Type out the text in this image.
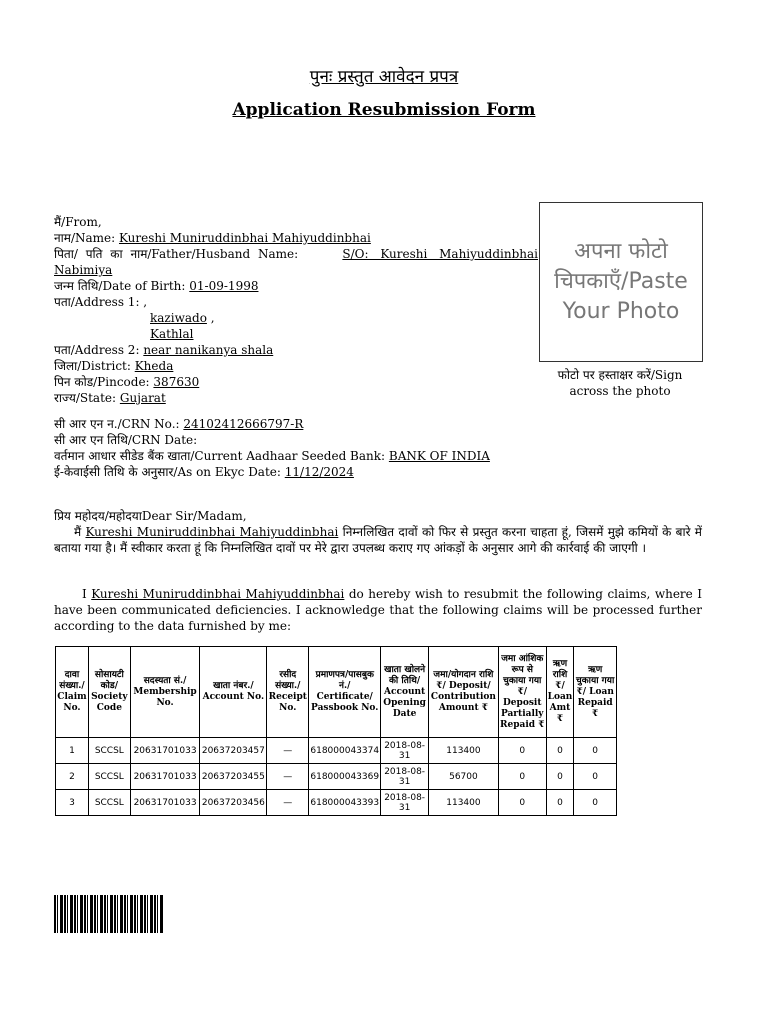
पुनः प्रस्तुत आवेदन प्रपत्र
Application Resubmission Form
मैं/From,
नाम/Name: Kureshi Muniruddinbhai Mahiyuddinbhai
पिता/ पति का नाम/Father/Husband Name:	S/O: Kureshi Mahiyuddinbhai
Nabimiya
जन्म तिथि/Date of Birth: 01-09-1998
पता/Address 1: ,
kaziwado ,
Kathlal
पता/Address 2: near nanikanya shala
जिला/District: Kheda
पिन कोड/Pincode: 387630
राज्य/State: Gujarat
अपना फोटो चिपकाएँ/Paste Your Photo
फोटो पर हस्ताक्षर करें/Sign across the photo
सी आर एन न./CRN No.: 24102412666797-R
सी आर एन तिथि/CRN Date:
वर्तमान आधार सीडेड बैंक खाता/Current Aadhaar Seeded Bank: BANK OF INDIA
ई-केवाईसी तिथि के अनुसार/As on Ekyc Date: 11/12/2024
प्रिय महोदय/महोदयाDear Sir/Madam,
मैं Kureshi Muniruddinbhai Mahiyuddinbhai निम्नलिखित दावों को फिर से प्रस्तुत करना चाहता हूं, जिसमें मुझे कमियों के बारे में बताया गया है। मैं स्वीकार करता हूं कि निम्नलिखित दावों पर मेरे द्वारा उपलब्ध कराए गए आंकड़ों के अनुसार आगे की कार्रवाई की जाएगी ।
I Kureshi Muniruddinbhai Mahiyuddinbhai do hereby wish to resubmit the following claims, where I have been communicated deficiencies. I acknowledge that the following claims will be processed further according to the data furnished by me:
दावा संख्या./ Claim No.	सोसायटी कोड/ Society Code	सदस्यता सं./ Membership No.	खाता नंबर./ Account No.	रसीद संख्या./ Receipt No.	प्रमाणपत्र/पासबुक नं./ Certificate/ Passbook No.	खाता खोलने की तिथि/ Account Opening Date	जमा/योगदान राशि ₹/ Deposit/ Contribution Amount ₹	जमा आंशिक रूप से चुकाया गया ₹/ Deposit Partially Repaid ₹	ऋण राशि ₹/ Loan Amt ₹	ऋण चुकाया गया ₹/ Loan Repaid ₹
1	SCCSL	20631701033	20637203457	—	618000043374	2018-08-31	113400	0	0	0
2	SCCSL	20631701033	20637203455	—	618000043369	2018-08-31	56700	0	0	0
3	SCCSL	20631701033	20637203456	—	618000043393	2018-08-31	113400	0	0	0
